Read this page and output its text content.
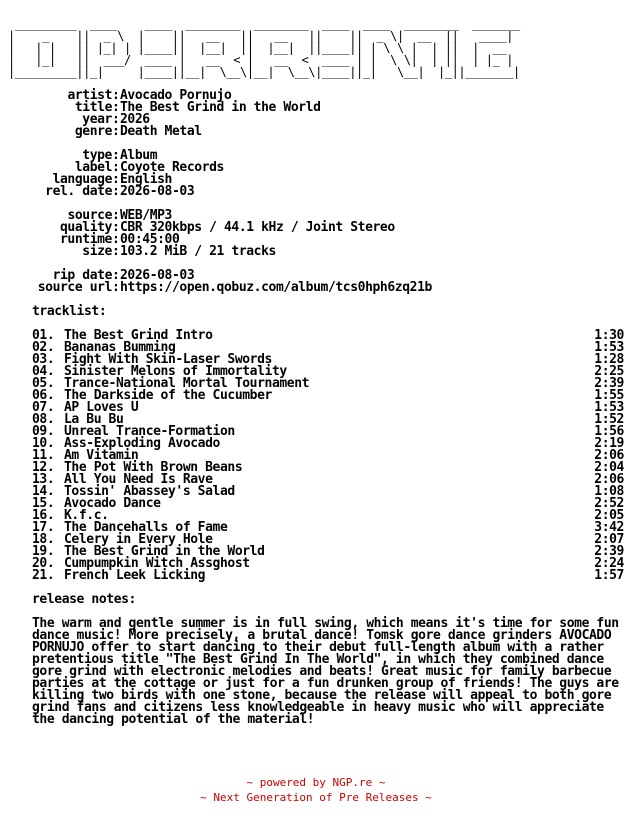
_________  ____    ____  ________  ________  ____  ____  ________  _______
|    _    ||  _ \  |    ||   __   ||   __   ||    ||  _ \|  __  ||   ____|
|   | |   || |_| | |____||  |__|  ||  |__|  ||____|| | \ \ |  | ||  |  __
|   |_|   ||  ___/  ____ |   __  < |   __  <  ____ | |  \ \|  | ||  | |_ |
|_________||_|     |____||__|  \__\|__|  \__\|____||_|   \__|  |_||_______|
artist : Avocado Pornujo
title : The Best Grind in the World
year : 2026
genre : Death Metal
type : Album
label : Coyote Records
language : English
rel. date : 2026-08-03
source : WEB/MP3
quality : CBR 320kbps / 44.1 kHz / Joint Stereo
runtime : 00:45:00
size : 103.2 MiB / 21 tracks
rip date : 2026-08-03
source url : https://open.qobuz.com/album/tcs0hph6zq21b
tracklist:
01. The Best Grind Intro	1:30
02. Bananas Bumming	1:53
03. Fight With Skin-Laser Swords	1:28
04. Sinister Melons of Immortality	2:25
05. Trance-National Mortal Tournament	2:39
06. The Darkside of the Cucumber	1:55
07. AP Loves U	1:53
08. La Bu Bu	1:52
09. Unreal Trance-Formation	1:56
10. Ass-Exploding Avocado	2:19
11. Am Vitamin	2:06
12. The Pot With Brown Beans	2:04
13. All You Need Is Rave	2:06
14. Tossin' Abassey's Salad	1:08
15. Avocado Dance	2:52
16. K.f.c.	2:05
17. The Dancehalls of Fame	3:42
18. Celery in Every Hole	2:07
19. The Best Grind in the World	2:39
20. Cumpumpkin Witch Assghost	2:24
21. French Leek Licking	1:57
release notes:
The warm and gentle summer is in full swing, which means it's time for some fun dance music! More precisely, a brutal dance! Tomsk gore dance grinders AVOCADO PORNUJO offer to start dancing to their debut full-length album with a rather pretentious title "The Best Grind In The World", in which they combined dance gore grind with electronic melodies and beats! Great music for family barbecue parties at the cottage or just for a fun drunken group of friends! The guys are killing two birds with one stone, because the release will appeal to both gore grind fans and citizens less knowledgeable in heavy music who will appreciate the dancing potential of the material!
~ powered by NGP.re ~
~ Next Generation of Pre Releases ~
